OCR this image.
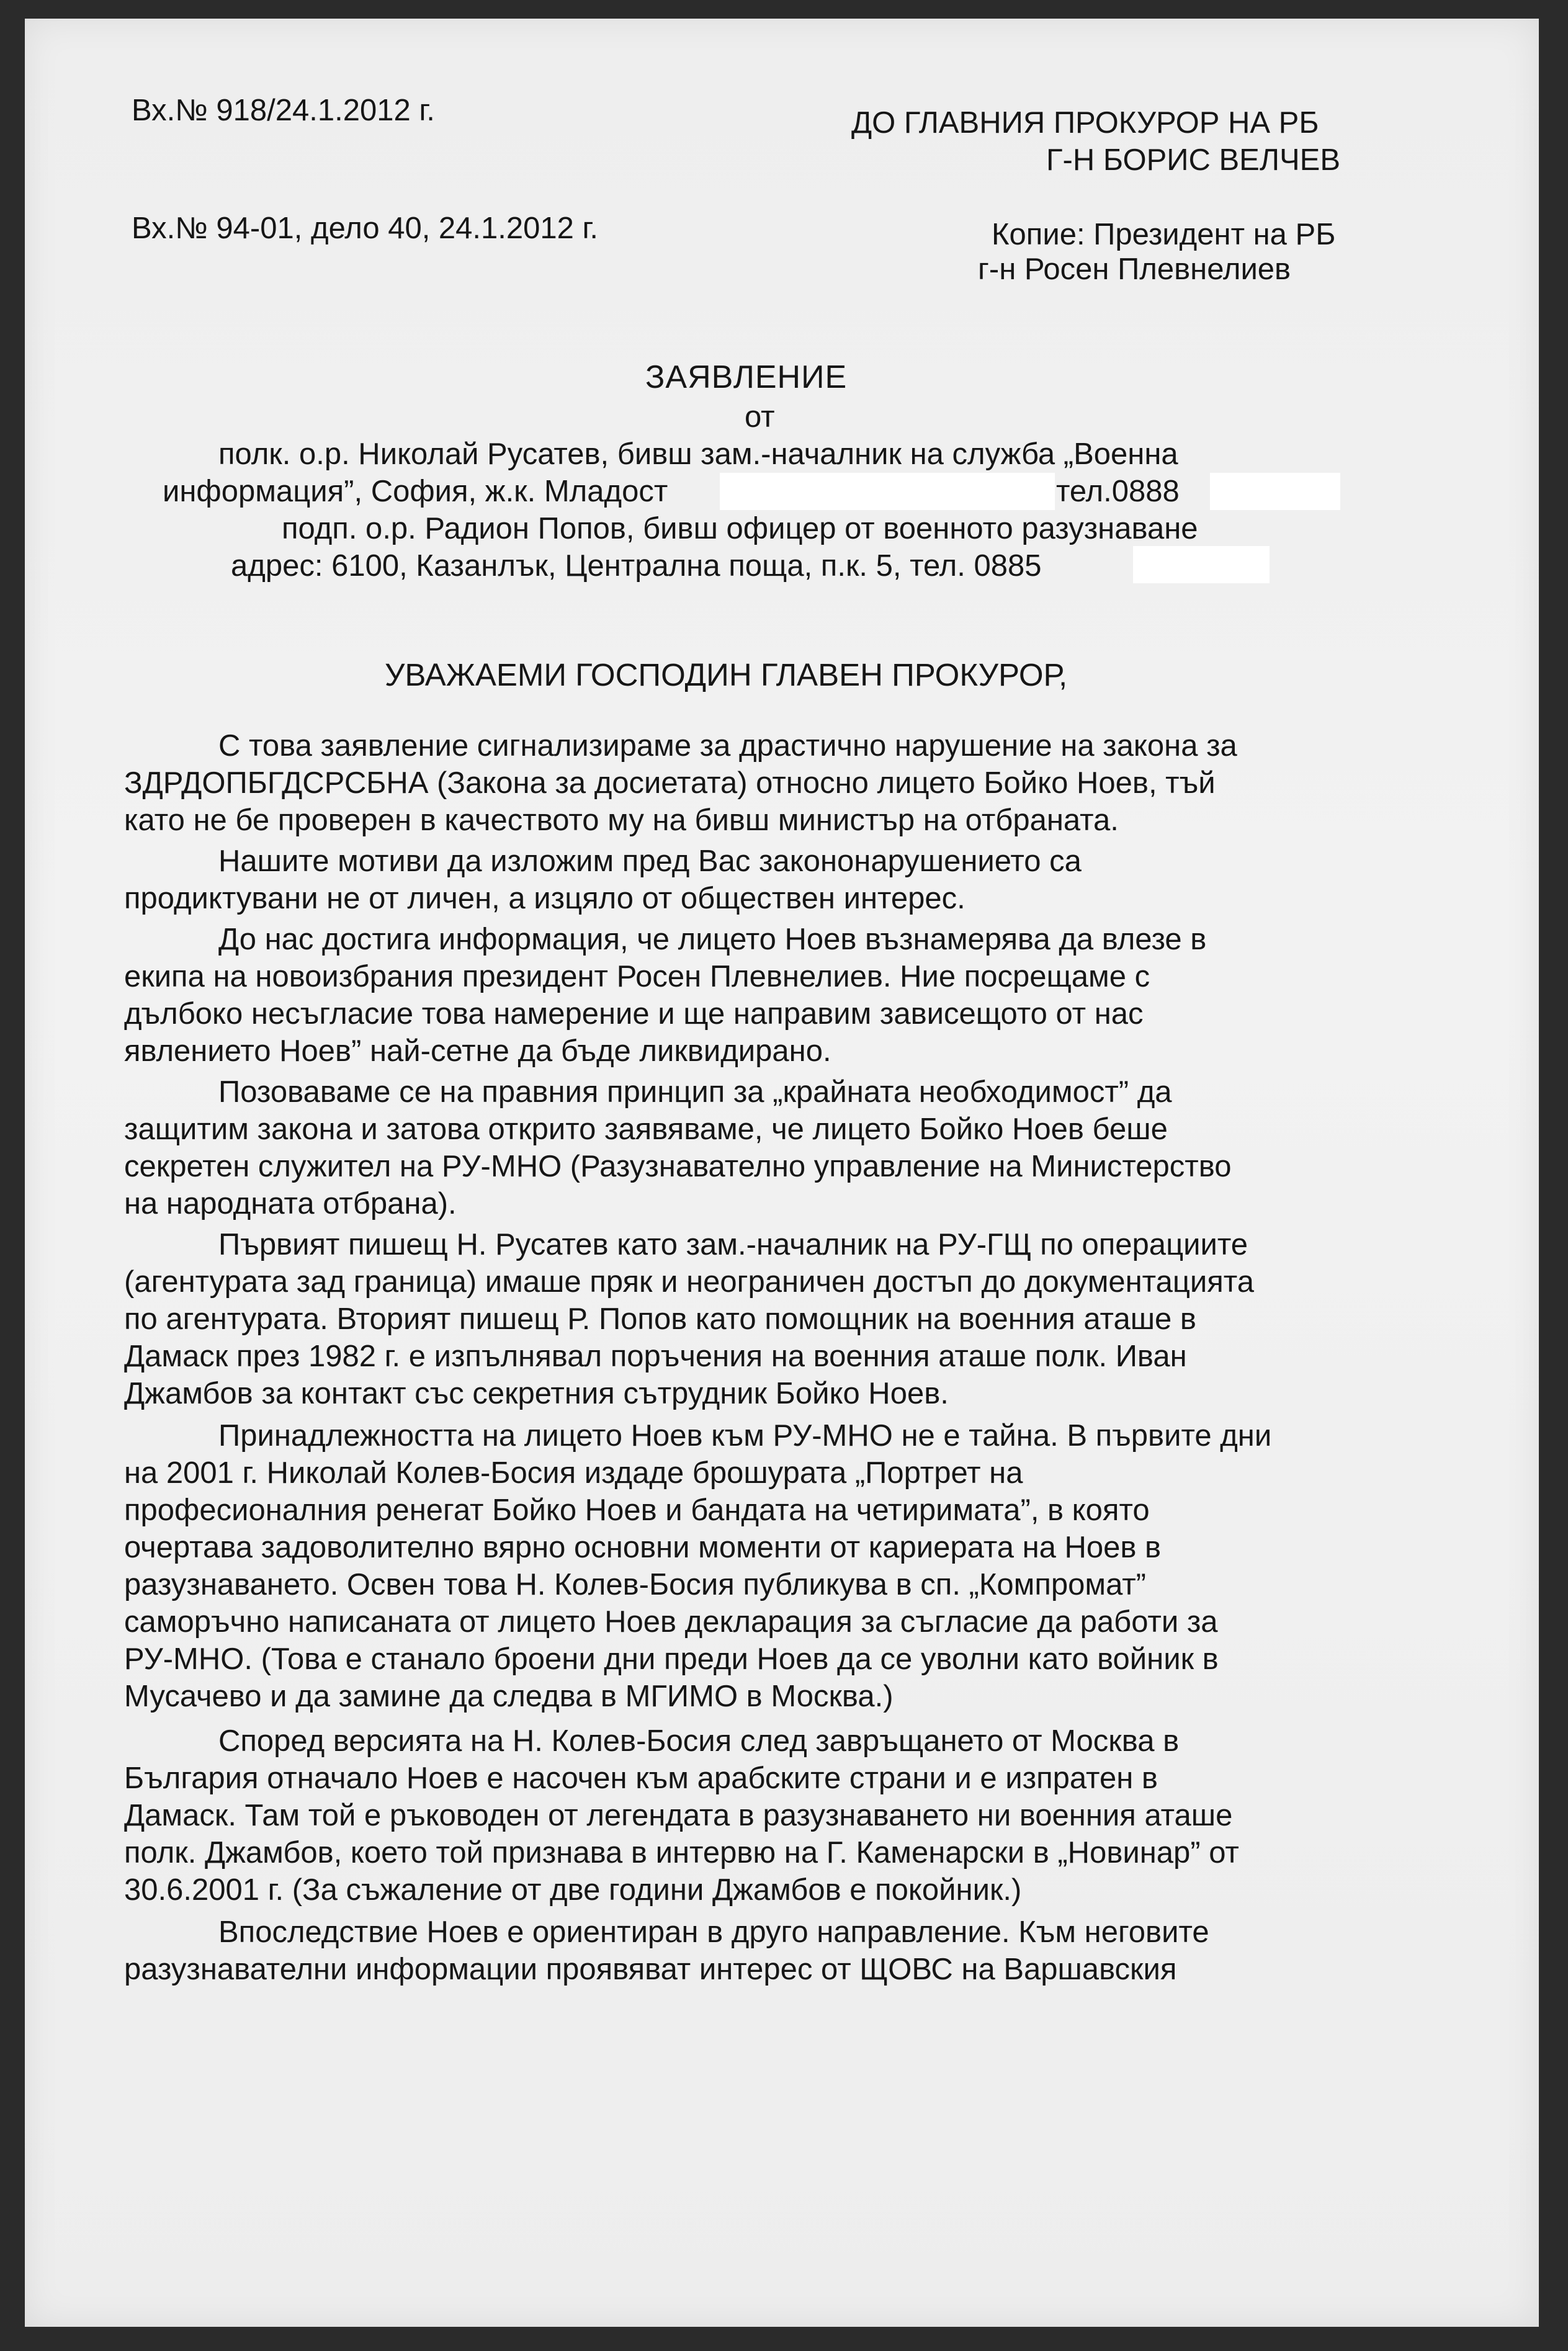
Вх.№ 918/24.1.2012 г.	ДО ГЛАВНИЯ ПРОКУРОР НА РБ
Г-Н БОРИС ВЕЛЧЕВ
Вх.№ 94-01, дело 40, 24.1.2012 г.	Копие: Президент на РБ
г-н Росен Плевнелиев
ЗАЯВЛЕНИЕ
от
полк. о.р. Николай Русатев, бивш зам.-началник на служба „Военна
информация”, София, ж.к. Младост	тел.0888
подп. о.р. Радион Попов, бивш офицер от военното разузнаване
адрес: 6100, Казанлък, Централна поща, п.к. 5, тел. 0885
УВАЖАЕМИ ГОСПОДИН ГЛАВЕН ПРОКУРОР,
С това заявление сигнализираме за драстично нарушение на закона за
ЗДРДОПБГДСРСБНА (Закона за досиетата) относно лицето Бойко Ноев, тъй
като не бе проверен в качеството му на бивш министър на отбраната.
Нашите мотиви да изложим пред Вас закононарушението са
продиктувани не от личен, а изцяло от обществен интерес.
До нас достига информация, че лицето Ноев възнамерява да влезе в
екипа на новоизбрания президент Росен Плевнелиев. Ние посрещаме с
дълбоко несъгласие това намерение и ще направим зависещото от нас
явлението Ноев” най-сетне да бъде ликвидирано.
Позоваваме се на правния принцип за „крайната необходимост” да
защитим закона и затова открито заявяваме, че лицето Бойко Ноев беше
секретен служител на РУ-МНО (Разузнавателно управление на Министерство
на народната отбрана).
Първият пишещ Н. Русатев като зам.-началник на РУ-ГЩ по операциите
(агентурата зад граница) имаше пряк и неограничен достъп до документацията
по агентурата. Вторият пишещ Р. Попов като помощник на военния аташе в
Дамаск през 1982 г. е изпълнявал поръчения на военния аташе полк. Иван
Джамбов за контакт със секретния сътрудник Бойко Ноев.
Принадлежността на лицето Ноев към РУ-МНО не е тайна. В първите дни
на 2001 г. Николай Колев-Босия издаде брошурата „Портрет на
професионалния ренегат Бойко Ноев и бандата на четиримата”, в която
очертава задоволително вярно основни моменти от кариерата на Ноев в
разузнаването. Освен това Н. Колев-Босия публикува в сп. „Компромат”
саморъчно написаната от лицето Ноев декларация за съгласие да работи за
РУ-МНО. (Това е станало броени дни преди Ноев да се уволни като войник в
Мусачево и да замине да следва в МГИМО в Москва.)
Според версията на Н. Колев-Босия след завръщането от Москва в
България отначало Ноев е насочен към арабските страни и е изпратен в
Дамаск. Там той е ръководен от легендата в разузнаването ни военния аташе
полк. Джамбов, което той признава в интервю на Г. Каменарски в „Новинар” от
30.6.2001 г. (За съжаление от две години Джамбов е покойник.)
Впоследствие Ноев е ориентиран в друго направление. Към неговите
разузнавателни информации проявяват интерес от ЩОВС на Варшавския
